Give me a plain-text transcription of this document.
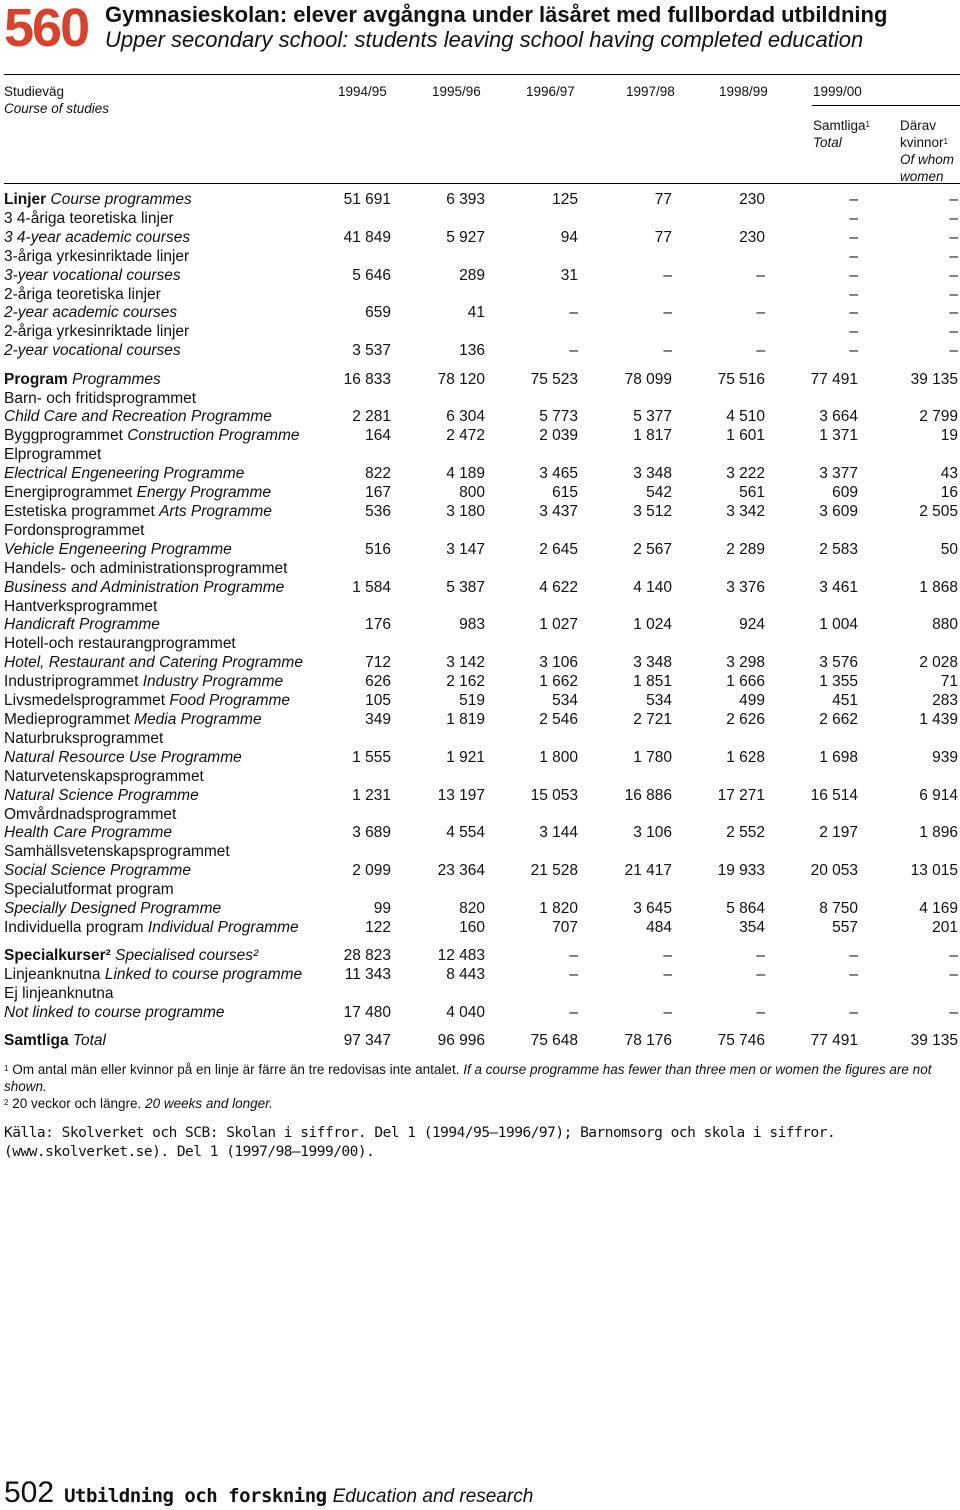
560 Gymnasieskolan: elever avgångna under läsåret med fullbordad utbildning
Upper secondary school: students leaving school having completed education
Studieväg
Course of studies
1994/95	1995/96	1996/97	1997/98	1998/99	1999/00
Samtliga$^1$
Total
Därav
kvinnor$^1$
Of whom
women
Linjer Course programmes	51 691	6 393	125	77	230	–	–
3 4-åriga teoretiska linjer						–	–
3 4-year academic courses	41 849	5 927	94	77	230	–	–
3-åriga yrkesinriktade linjer						–	–
3-year vocational courses	5 646	289	31	–	–	–	–
2-åriga teoretiska linjer						–	–
2-year academic courses	659	41	–	–	–	–	–
2-åriga yrkesinriktade linjer						–	–
2-year vocational courses	3 537	136	–	–	–	–	–

Program Programmes	16 833	78 120	75 523	78 099	75 516	77 491	39 135
Barn- och fritidsprogrammet							
Child Care and Recreation Programme	2 281	6 304	5 773	5 377	4 510	3 664	2 799
Byggprogrammet Construction Programme	164	2 472	2 039	1 817	1 601	1 371	19
Elprogrammet							
Electrical Engeneering Programme	822	4 189	3 465	3 348	3 222	3 377	43
Energiprogrammet Energy Programme	167	800	615	542	561	609	16
Estetiska programmet Arts Programme	536	3 180	3 437	3 512	3 342	3 609	2 505
Fordonsprogrammet							
Vehicle Engeneering Programme	516	3 147	2 645	2 567	2 289	2 583	50
Handels- och administrationsprogrammet							
Business and Administration Programme	1 584	5 387	4 622	4 140	3 376	3 461	1 868
Hantverksprogrammet							
Handicraft Programme	176	983	1 027	1 024	924	1 004	880
Hotell-och restaurangprogrammet							
Hotel, Restaurant and Catering Programme	712	3 142	3 106	3 348	3 298	3 576	2 028
Industriprogrammet Industry Programme	626	2 162	1 662	1 851	1 666	1 355	71
Livsmedelsprogrammet Food Programme	105	519	534	534	499	451	283
Medieprogrammet Media Programme	349	1 819	2 546	2 721	2 626	2 662	1 439
Naturbruksprogrammet							
Natural Resource Use Programme	1 555	1 921	1 800	1 780	1 628	1 698	939
Naturvetenskapsprogrammet							
Natural Science Programme	1 231	13 197	15 053	16 886	17 271	16 514	6 914
Omvårdnadsprogrammet							
Health Care Programme	3 689	4 554	3 144	3 106	2 552	2 197	1 896
Samhällsvetenskapsprogrammet							
Social Science Programme	2 099	23 364	21 528	21 417	19 933	20 053	13 015
Specialutformat program							
Specially Designed Programme	99	820	1 820	3 645	5 864	8 750	4 169
Individuella program Individual Programme	122	160	707	484	354	557	201

Specialkurser² Specialised courses²	28 823	12 483	–	–	–	–	–
Linjeanknutna Linked to course programme	11 343	8 443	–	–	–	–	–
Ej linjeanknutna							
Not linked to course programme	17 480	4 040	–	–	–	–	–

Samtliga Total	97 347	96 996	75 648	78 176	75 746	77 491	39 135
$^1$ Om antal män eller kvinnor på en linje är färre än tre redovisas inte antalet. If a course programme has fewer than three men or women the figures are not shown.
$^2$ 20 veckor och längre. 20 weeks and longer.
Källa: Skolverket och SCB: Skolan i siffror. Del 1 (1994/95–1996/97); Barnomsorg och skola i siffror. (www.skolverket.se). Del 1 (1997/98–1999/00).
502 Utbildning och forskning Education and research
